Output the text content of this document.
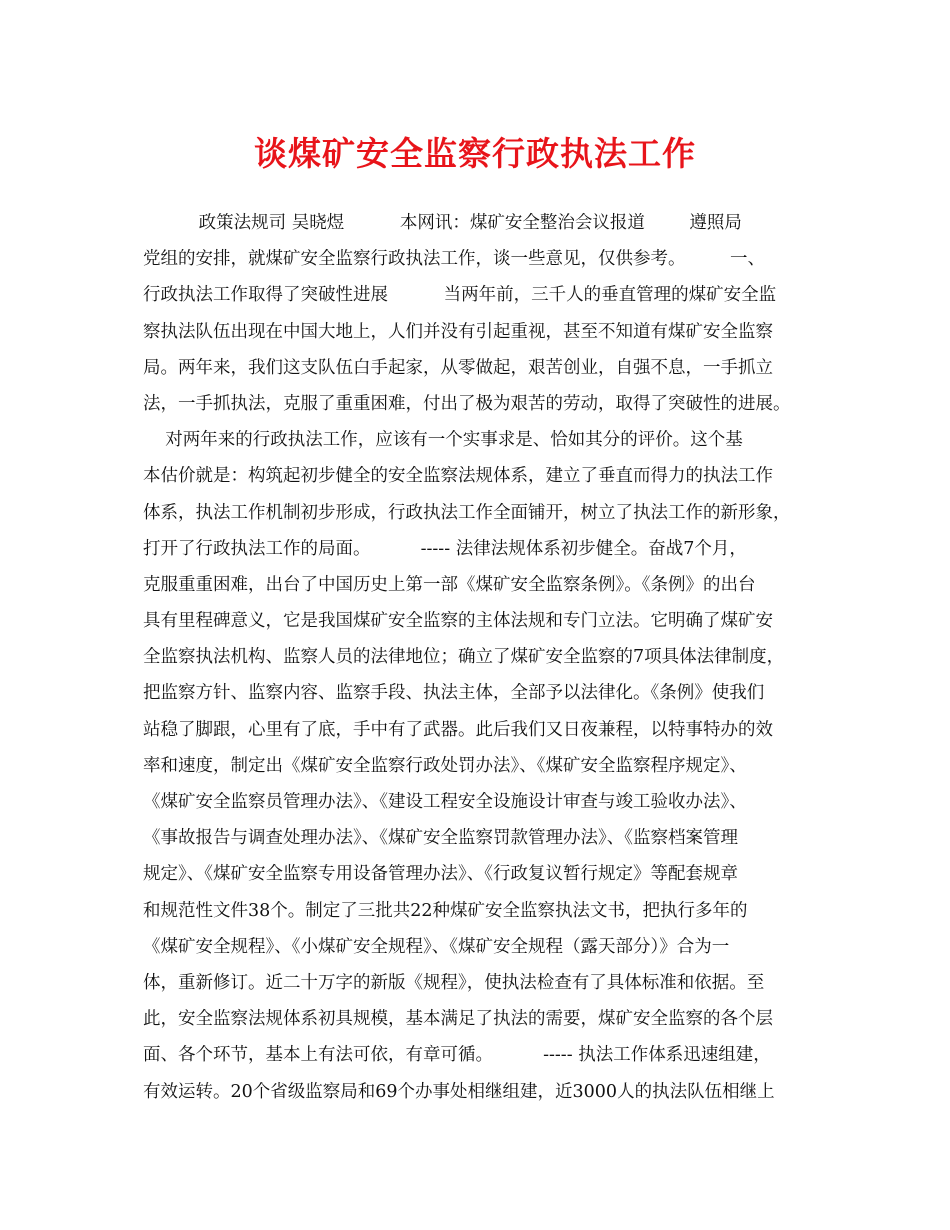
谈煤矿安全监察行政执法工作
政策法规司 吴晓煜          本网讯：煤矿安全整治会议报道        遵照局
党组的安排，就煤矿安全监察行政执法工作，谈一些意见，仅供参考。        一、
行政执法工作取得了突破性进展          当两年前，三千人的垂直管理的煤矿安全监
察执法队伍出现在中国大地上，人们并没有引起重视，甚至不知道有煤矿安全监察
局。两年来，我们这支队伍白手起家，从零做起，艰苦创业，自强不息，一手抓立
法，一手抓执法，克服了重重困难，付出了极为艰苦的劳动，取得了突破性的进展。
对两年来的行政执法工作，应该有一个实事求是、恰如其分的评价。这个基
本估价就是：构筑起初步健全的安全监察法规体系，建立了垂直而得力的执法工作
体系，执法工作机制初步形成，行政执法工作全面铺开，树立了执法工作的新形象，
打开了行政执法工作的局面。         ----- 法律法规体系初步健全。奋战7个月，
克服重重困难，出台了中国历史上第一部《煤矿安全监察条例》。《条例》的出台
具有里程碑意义，它是我国煤矿安全监察的主体法规和专门立法。它明确了煤矿安
全监察执法机构、监察人员的法律地位；确立了煤矿安全监察的7项具体法律制度，
把监察方针、监察内容、监察手段、执法主体，全部予以法律化。《条例》使我们
站稳了脚跟，心里有了底，手中有了武器。此后我们又日夜兼程，以特事特办的效
率和速度，制定出《煤矿安全监察行政处罚办法》、《煤矿安全监察程序规定》、
《煤矿安全监察员管理办法》、《建设工程安全设施设计审查与竣工验收办法》、
《事故报告与调查处理办法》、《煤矿安全监察罚款管理办法》、《监察档案管理
规定》、《煤矿安全监察专用设备管理办法》、《行政复议暂行规定》等配套规章
和规范性文件38个。制定了三批共22种煤矿安全监察执法文书，把执行多年的
《煤矿安全规程》、《小煤矿安全规程》、《煤矿安全规程（露天部分）》合为一
体，重新修订。近二十万字的新版《规程》，使执法检查有了具体标准和依据。至
此，安全监察法规体系初具规模，基本满足了执法的需要，煤矿安全监察的各个层
面、各个环节，基本上有法可依，有章可循。         ----- 执法工作体系迅速组建，
有效运转。20个省级监察局和69个办事处相继组建，近3000人的执法队伍相继上
